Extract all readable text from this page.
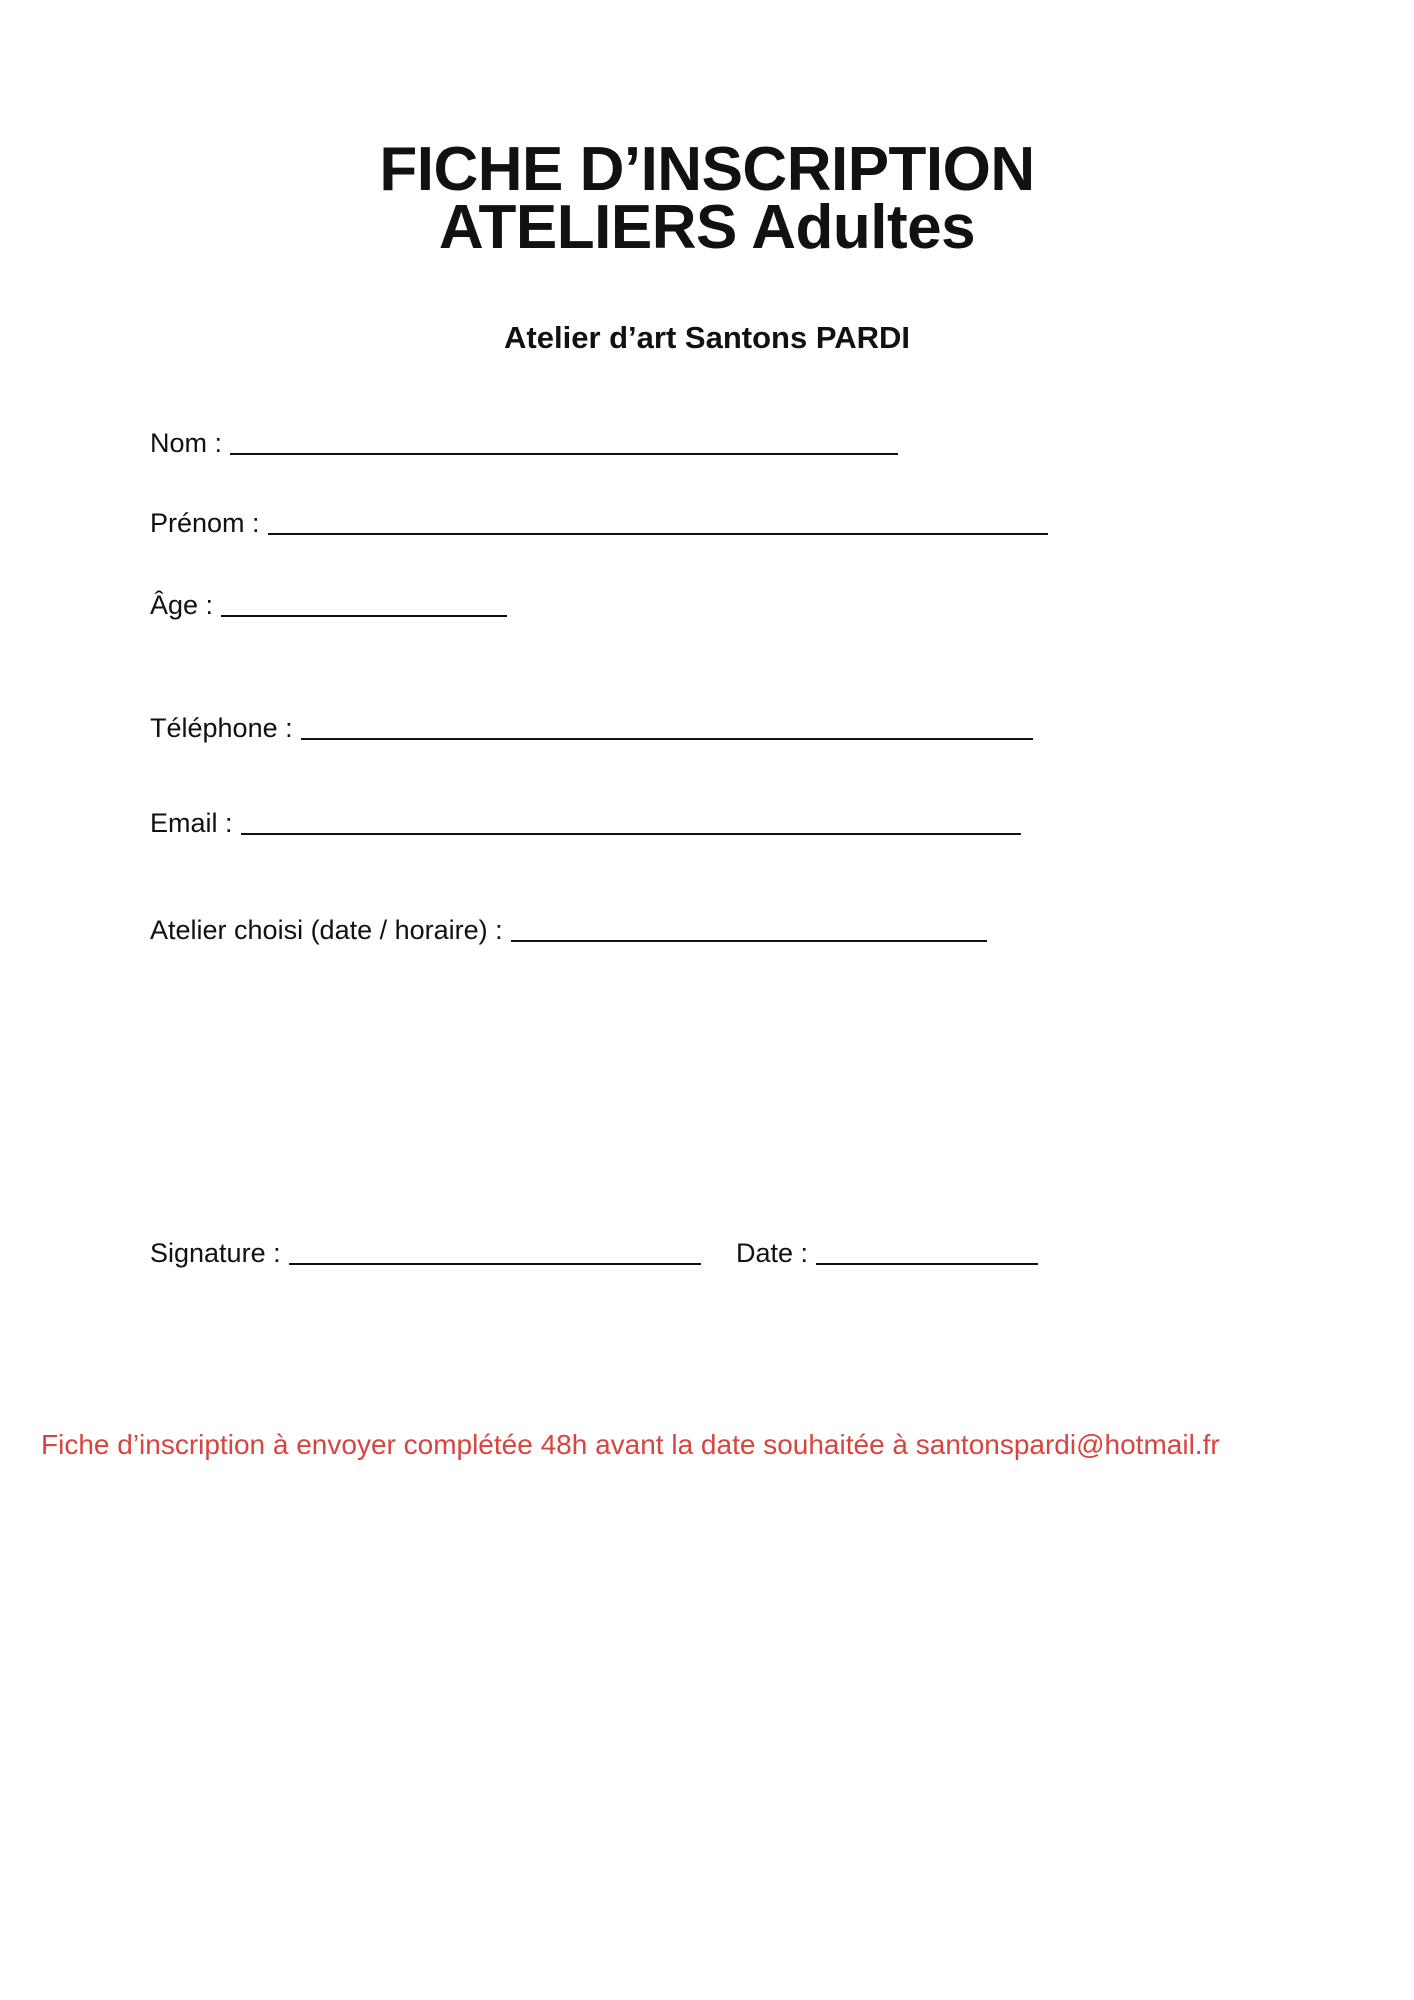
FICHE D’INSCRIPTION
ATELIERS Adultes
Atelier d’art Santons PARDI
Nom :
Prénom :
Âge :
Téléphone :
Email :
Atelier choisi (date / horaire) :
Signature :	Date :
Fiche d’inscription à envoyer complétée 48h avant la date souhaitée à santonspardi@hotmail.fr
